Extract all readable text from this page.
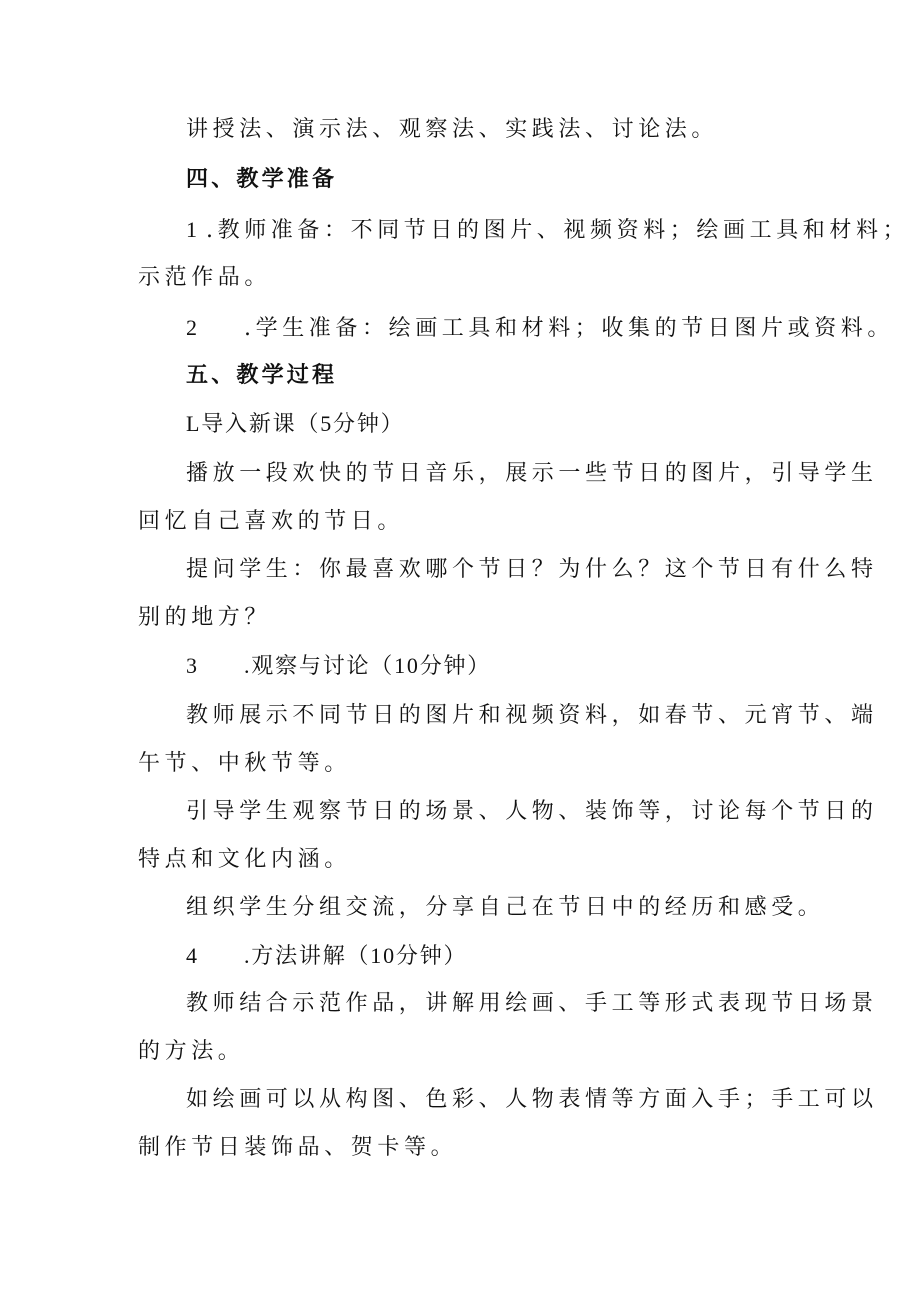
讲授法、演示法、观察法、实践法、讨论法。
四、教学准备
1 .教师准备：不同节日的图片、视频资料；绘画工具和材料；
示范作品。
2 .学生准备：绘画工具和材料；收集的节日图片或资料。
五、教学过程
L导入新课（5分钟）
播放一段欢快的节日音乐，展示一些节日的图片，引导学生
回忆自己喜欢的节日。
提问学生：你最喜欢哪个节日？为什么？这个节日有什么特
别的地方？
3 .观察与讨论（10分钟）
教师展示不同节日的图片和视频资料，如春节、元宵节、端
午节、中秋节等。
引导学生观察节日的场景、人物、装饰等，讨论每个节日的
特点和文化内涵。
组织学生分组交流，分享自己在节日中的经历和感受。
4 .方法讲解（10分钟）
教师结合示范作品，讲解用绘画、手工等形式表现节日场景
的方法。
如绘画可以从构图、色彩、人物表情等方面入手；手工可以
制作节日装饰品、贺卡等。
